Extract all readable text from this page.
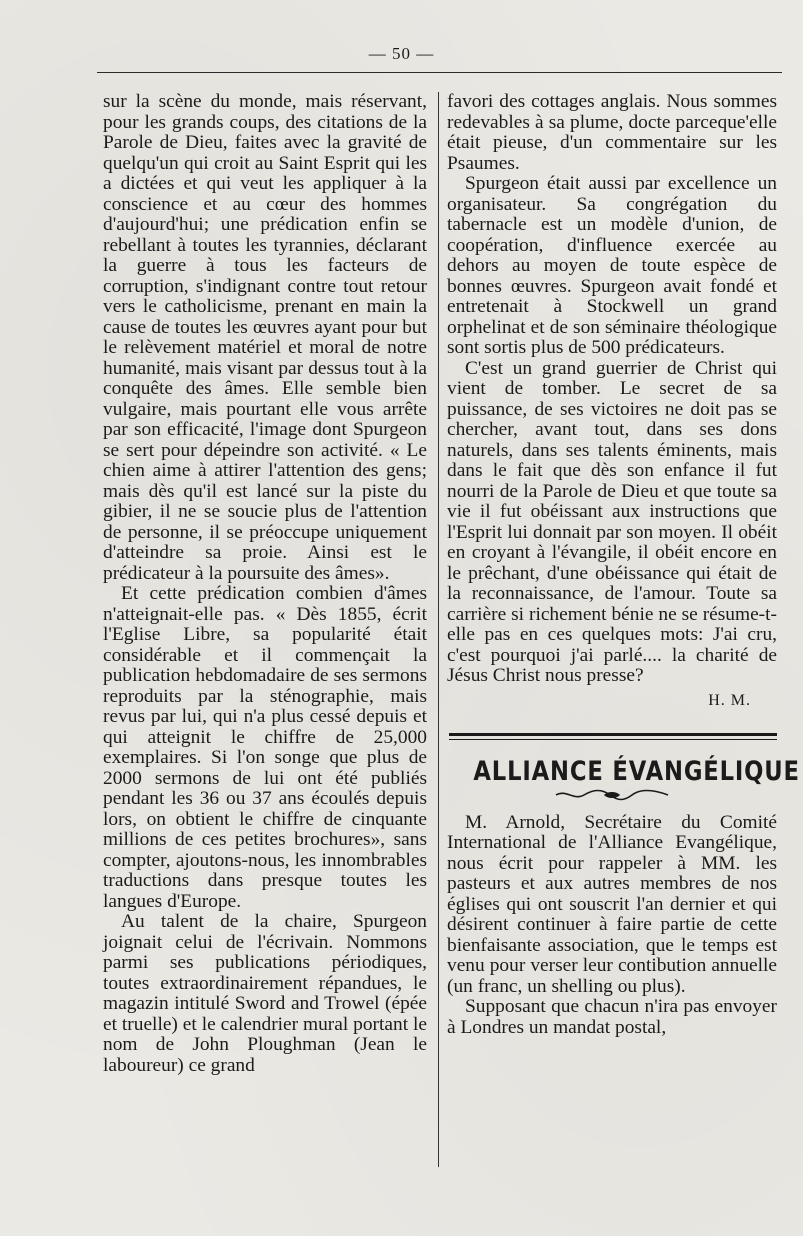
— 50 —

sur la scène du monde, mais réservant, pour les grands coups, des citations de la Parole de Dieu, faites avec la gravité de quelqu'un qui croit au Saint Esprit qui les a dictées et qui veut les appliquer à la conscience et au cœur des hommes d'aujourd'hui; une prédication enfin se rebellant à toutes les tyrannies, déclarant la guerre à tous les facteurs de corruption, s'indignant contre tout retour vers le catholicisme, prenant en main la cause de toutes les œuvres ayant pour but le relèvement matériel et moral de notre humanité, mais visant par dessus tout à la conquête des âmes. Elle semble bien vulgaire, mais pourtant elle vous arrête par son efficacité, l'image dont Spurgeon se sert pour dépeindre son activité. « Le chien aime à attirer l'attention des gens; mais dès qu'il est lancé sur la piste du gibier, il ne se soucie plus de l'attention de personne, il se préoccupe uniquement d'atteindre sa proie. Ainsi est le prédicateur à la poursuite des âmes».

Et cette prédication combien d'âmes n'atteignait-elle pas. « Dès 1855, écrit l'Eglise Libre, sa popularité était considérable et il commençait la publication hebdomadaire de ses sermons reproduits par la sténographie, mais revus par lui, qui n'a plus cessé depuis et qui atteignit le chiffre de 25,000 exemplaires. Si l'on songe que plus de 2000 sermons de lui ont été publiés pendant les 36 ou 37 ans écoulés depuis lors, on obtient le chiffre de cinquante millions de ces petites brochures», sans compter, ajoutons-nous, les innombrables traductions dans presque toutes les langues d'Europe.

Au talent de la chaire, Spurgeon joignait celui de l'écrivain. Nommons parmi ses publications périodiques, toutes extraordinairement répandues, le magazin intitulé Sword and Trowel (épée et truelle) et le calendrier mural portant le nom de John Ploughman (Jean le laboureur) ce grand

favori des cottages anglais. Nous sommes redevables à sa plume, docte parceque'elle était pieuse, d'un commentaire sur les Psaumes.

Spurgeon était aussi par excellence un organisateur. Sa congrégation du tabernacle est un modèle d'union, de coopération, d'influence exercée au dehors au moyen de toute espèce de bonnes œuvres. Spurgeon avait fondé et entretenait à Stockwell un grand orphelinat et de son séminaire théologique sont sortis plus de 500 prédicateurs.

C'est un grand guerrier de Christ qui vient de tomber. Le secret de sa puissance, de ses victoires ne doit pas se chercher, avant tout, dans ses dons naturels, dans ses talents éminents, mais dans le fait que dès son enfance il fut nourri de la Parole de Dieu et que toute sa vie il fut obéissant aux instructions que l'Esprit lui donnait par son moyen. Il obéit en croyant à l'évangile, il obéit encore en le prêchant, d'une obéissance qui était de la reconnaissance, de l'amour. Toute sa carrière si richement bénie ne se résume-t-elle pas en ces quelques mots: J'ai cru, c'est pourquoi j'ai parlé.... la charité de Jésus Christ nous presse?

H. M.
ALLIANCE ÉVANGÉLIQUE

M. Arnold, Secrétaire du Comité International de l'Alliance Evangélique, nous écrit pour rappeler à MM. les pasteurs et aux autres membres de nos églises qui ont souscrit l'an dernier et qui désirent continuer à faire partie de cette bienfaisante association, que le temps est venu pour verser leur contibution annuelle (un franc, un shelling ou plus).

Supposant que chacun n'ira pas envoyer à Londres un mandat postal,
